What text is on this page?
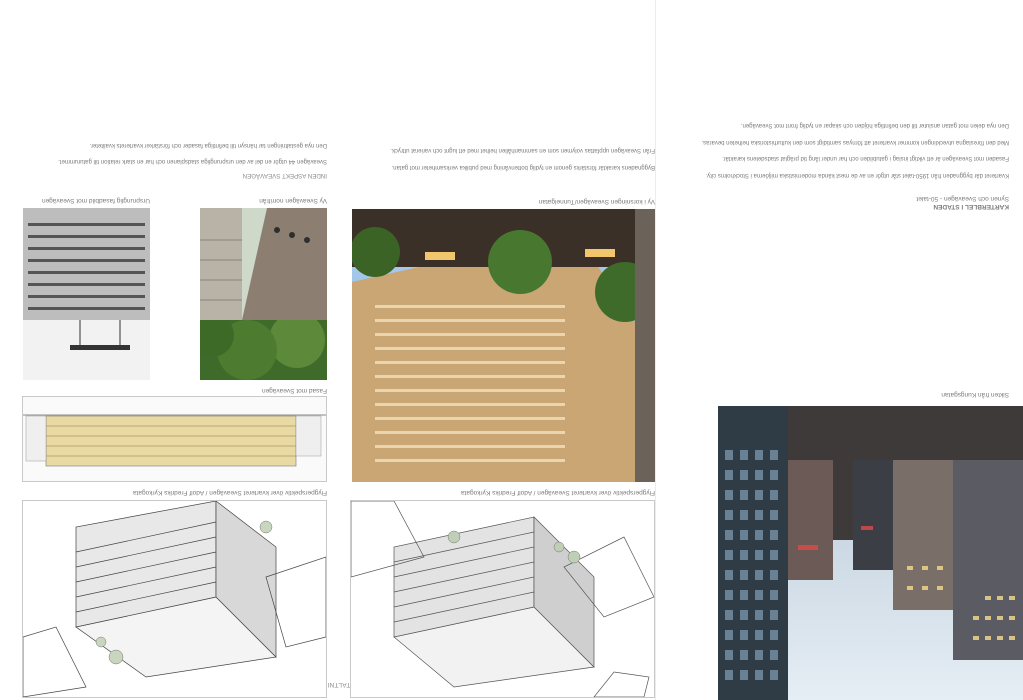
Sikten från Kungsgatan
KARTERBLEL I STADEN
Synen och Sveavägen - 50-talet

Kvarteret där byggnaden från 1950-talet står utgör en av de mest kända modernistiska miljöerna i Stockholms city.

Fasaden mot Sveavägen är ett viktigt inslag i gatubilden och har under lång tid präglat stadsdelens karaktär.

Med den föreslagna utvecklingen kommer kvarteret att förnyas samtidigt som den kulturhistoriska helheten bevaras.

Den nya delen mot gatan ansluter till den befintliga höjden och skapar en tydlig front mot Sveavägen.

Flygperspektiv över kvarteret Sveavägen / Adolf Fredriks Kyrkogata	Flygperspektiv över kvarteret Sveavägen / Adolf Fredriks Kyrkogata
Fasad mot Sveavägen
Vy i korsningen Sveavägen/Tunnelgatan
Vy Sveavägen norrifrån
Ursprunglig fasadbild mot Sveavägen
INDEN ASPEKT SVEAVÄGEN

Sveavägen 44 utgör en del av den ursprungliga stadsplanen och har en stark relation till gaturummet.

Den nya gestaltningen tar hänsyn till befintliga fasader och förstärker kvarterets kvaliteter.

Byggnadens karaktär förstärks genom en tydlig bottenvåning med publika verksamheter mot gatan.

Från Sveavägen uppfattas volymen som en sammanhållen helhet med ett lugnt och varierat uttryck.
